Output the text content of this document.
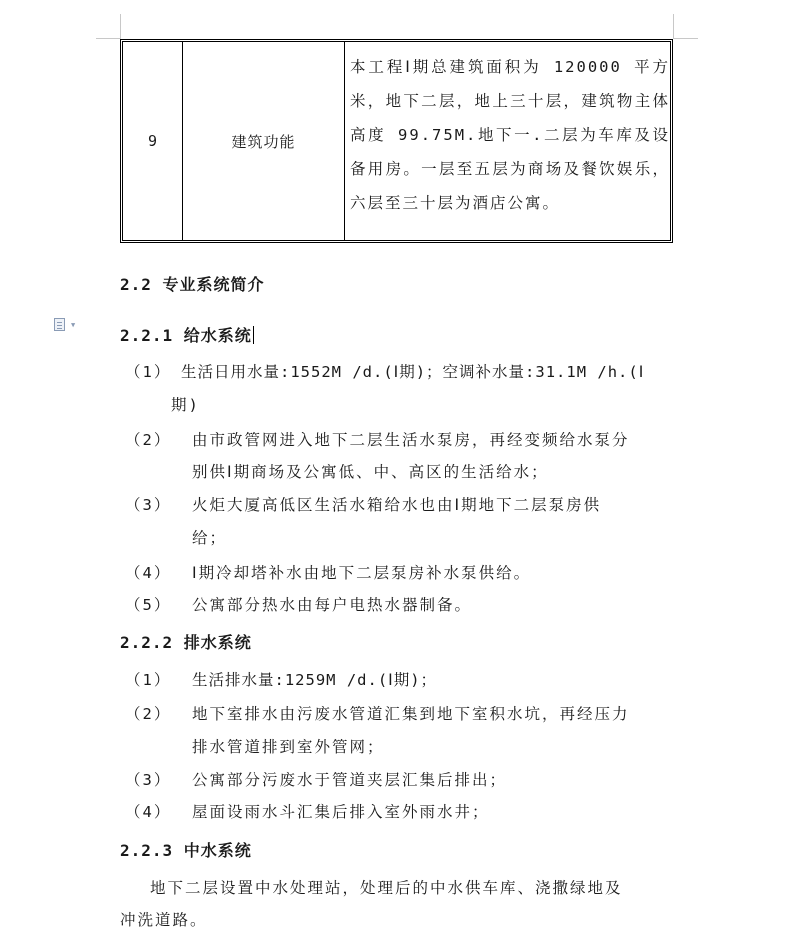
9	建筑功能
本工程Ⅰ期总建筑面积为 120000 平方米，地下二层，地上三十层，建筑物主体高度 99.75M.地下一.二层为车库及设备用房。一层至五层为商场及餐饮娱乐，六层至三十层为酒店公寓。
▼
2.2 专业系统简介
2.2.1 给水系统
（1） 生活日用水量:1552M /d.(Ⅰ期)；空调补水量:31.1M /h.(Ⅰ
期)
（2） 由市政管网进入地下二层生活水泵房，再经变频给水泵分
别供Ⅰ期商场及公寓低、中、高区的生活给水；
（3） 火炬大厦高低区生活水箱给水也由Ⅰ期地下二层泵房供
给；
（4） Ⅰ期冷却塔补水由地下二层泵房补水泵供给。
（5） 公寓部分热水由每户电热水器制备。
2.2.2 排水系统
（1） 生活排水量:1259M /d.(Ⅰ期)；
（2） 地下室排水由污废水管道汇集到地下室积水坑，再经压力
排水管道排到室外管网；
（3） 公寓部分污废水于管道夹层汇集后排出；
（4） 屋面设雨水斗汇集后排入室外雨水井；
2.2.3 中水系统
地下二层设置中水处理站，处理后的中水供车库、浇撒绿地及
冲洗道路。
